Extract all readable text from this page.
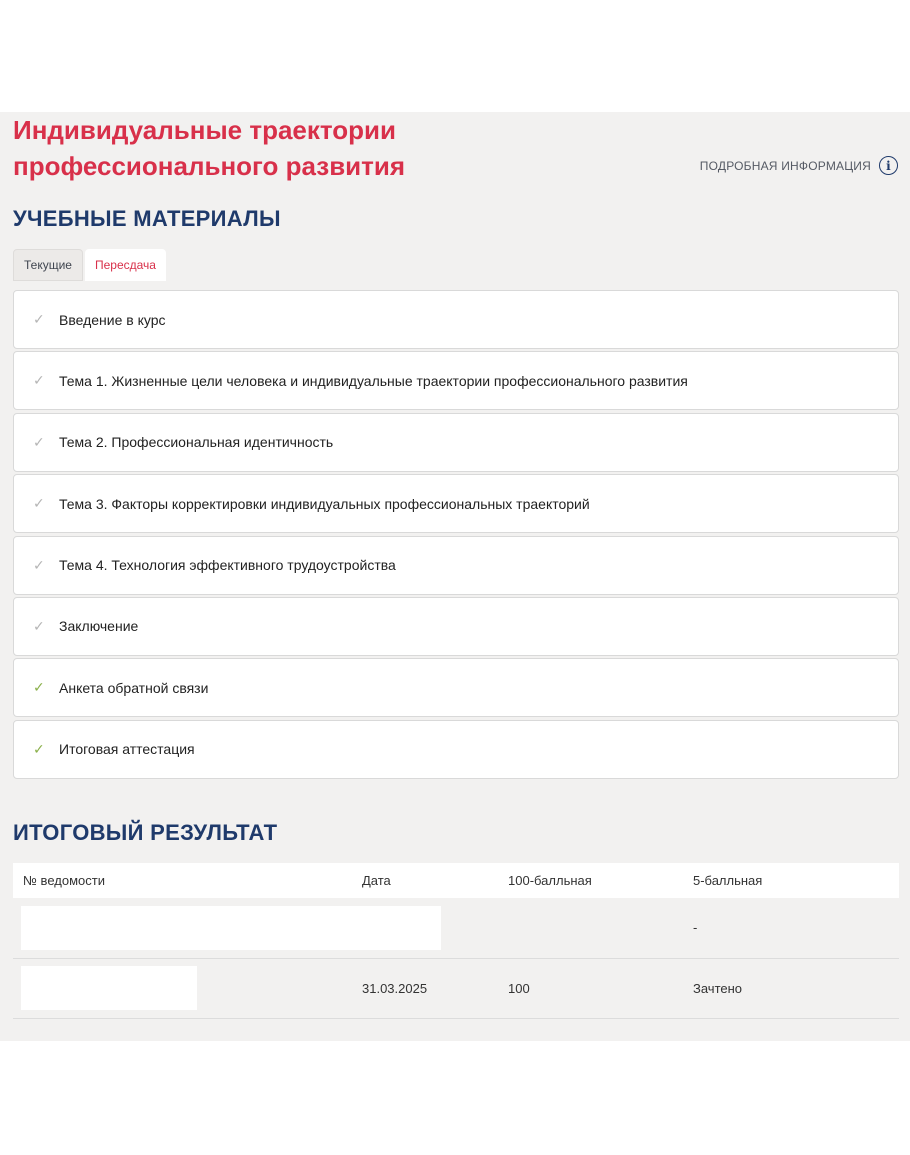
Индивидуальные траектории профессионального развития	ПОДРОБНАЯ ИНФОРМАЦИЯ	i
УЧЕБНЫЕ МАТЕРИАЛЫ
Текущие	Пересдача
✓	Введение в курс
✓	Тема 1. Жизненные цели человека и индивидуальные траектории профессионального развития
✓	Тема 2. Профессиональная идентичность
✓	Тема 3. Факторы корректировки индивидуальных профессиональных траекторий
✓	Тема 4. Технология эффективного трудоустройства
✓	Заключение
✓	Анкета обратной связи
✓	Итоговая аттестация
ИТОГОВЫЙ РЕЗУЛЬТАТ
№ ведомости	Дата	100-балльная	5-балльная

			-

	31.03.2025	100	Зачтено
